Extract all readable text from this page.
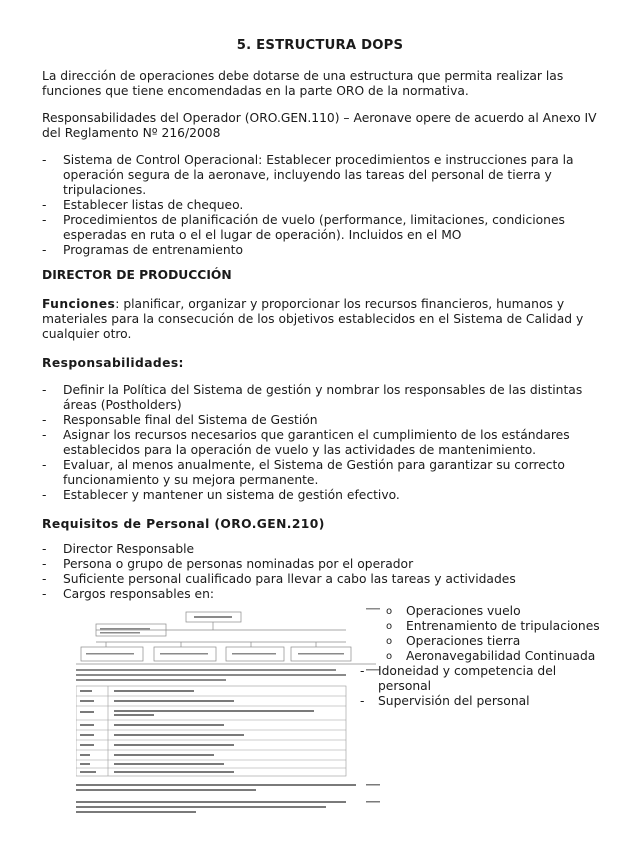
5. ESTRUCTURA DOPS

La dirección de operaciones debe dotarse de una estructura que permita realizar las funciones que tiene encomendadas en la parte ORO de la normativa.

Responsabilidades del Operador (ORO.GEN.110) – Aeronave opere de acuerdo al Anexo IV del Reglamento Nº 216/2008

- Sistema de Control Operacional: Establecer procedimientos e instrucciones para la operación segura de la aeronave, incluyendo las tareas del personal de tierra y tripulaciones.
- Establecer listas de chequeo.
- Procedimientos de planificación de vuelo (performance, limitaciones, condiciones esperadas en ruta o el el lugar de operación). Incluidos en el MO
- Programas de entrenamiento
DIRECTOR DE PRODUCCIÓN

Funciones: planificar, organizar y proporcionar los recursos financieros, humanos y materiales para la consecución de los objetivos establecidos en el Sistema de Calidad y cualquier otro.

Responsabilidades:
- Definir la Política del Sistema de gestión y nombrar los responsables de las distintas áreas (Postholders)
- Responsable final del Sistema de Gestión
- Asignar los recursos necesarios que garanticen el cumplimiento de los estándares establecidos para la operación de vuelo y las actividades de mantenimiento.
- Evaluar, al menos anualmente, el Sistema de Gestión para garantizar su correcto funcionamiento y su mejora permanente.
- Establecer y mantener un sistema de gestión efectivo.
Requisitos de Personal (ORO.GEN.210)
- Director Responsable
- Persona o grupo de personas nominadas por el operador
- Suficiente personal cualificado para llevar a cabo las tareas y actividades
- Cargos responsables en:
o Operaciones vuelo
o Entrenamiento de tripulaciones
o Operaciones tierra
o Aeronavegabilidad Continuada
- Idoneidad y competencia del personal
- Supervisión del personal
